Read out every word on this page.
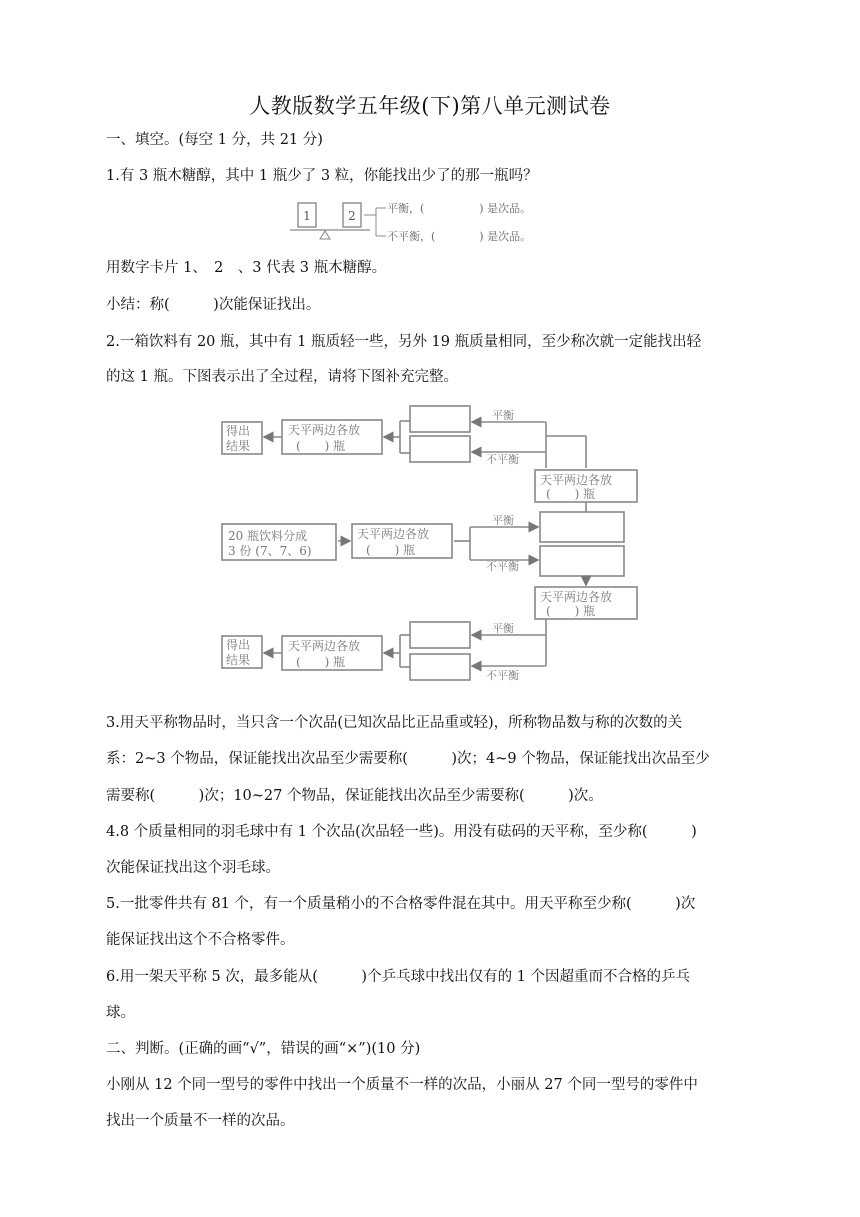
人教版数学五年级(下)第八单元测试卷
一、填空。(每空 1 分，共 21 分)
1.有 3 瓶木糖醇，其中 1 瓶少了 3 粒，你能找出少了的那一瓶吗？
1	2
平衡，(　　　　　) 是次品。
不平衡，(　　　　) 是次品。
用数字卡片 1、　2　、3 代表 3 瓶木糖醇。
小结：称(　　　)次能保证找出。
2.一箱饮料有 20 瓶，其中有 1 瓶质轻一些，另外 19 瓶质量相同，至少称次就一定能找出轻
的这 1 瓶。下图表示出了全过程，请将下图补充完整。
得出
结果
天平两边各放
(　　) 瓶
平衡
不平衡
天平两边各放
(　　) 瓶
20 瓶饮料分成
3 份 (7、7、6)
天平两边各放
(　　) 瓶
平衡
不平衡
天平两边各放
(　　) 瓶
得出
结果
天平两边各放
(　　) 瓶
平衡
不平衡
3.用天平称物品时，当只含一个次品(已知次品比正品重或轻)，所称物品数与称的次数的关
系：2~3 个物品，保证能找出次品至少需要称(　　　)次；4~9 个物品，保证能找出次品至少
需要称(　　　)次；10~27 个物品，保证能找出次品至少需要称(　　　)次。
4.8 个质量相同的羽毛球中有 1 个次品(次品轻一些)。用没有砝码的天平称，至少称(　　　)
次能保证找出这个羽毛球。
5.一批零件共有 81 个，有一个质量稍小的不合格零件混在其中。用天平称至少称(　　　)次
能保证找出这个不合格零件。
6.用一架天平称 5 次，最多能从(　　　)个乒乓球中找出仅有的 1 个因超重而不合格的乒乓
球。
二、判断。(正确的画“√”，错误的画“×”)(10 分)
小刚从 12 个同一型号的零件中找出一个质量不一样的次品，小丽从 27 个同一型号的零件中
找出一个质量不一样的次品。
